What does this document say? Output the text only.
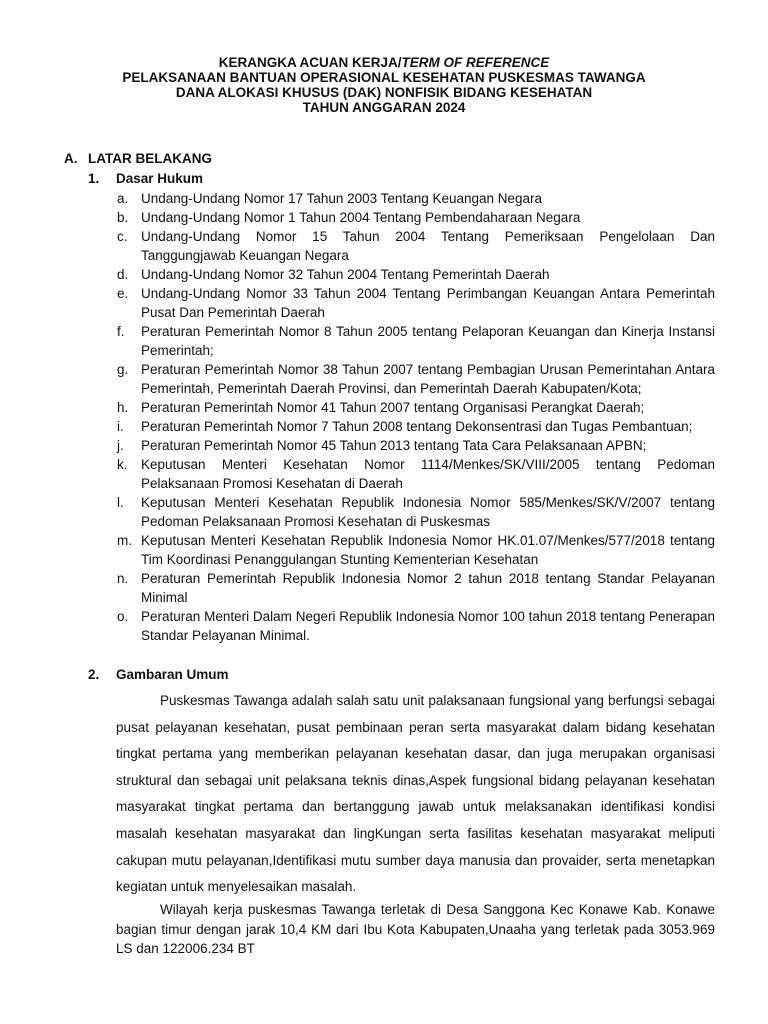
KERANGKA ACUAN KERJA/TERM OF REFERENCE
PELAKSANAAN BANTUAN OPERASIONAL KESEHATAN PUSKESMAS TAWANGA
DANA ALOKASI KHUSUS (DAK) NONFISIK BIDANG KESEHATAN
TAHUN ANGGARAN 2024
A. LATAR BELAKANG
1. Dasar Hukum
a. Undang-Undang Nomor 17 Tahun 2003 Tentang Keuangan Negara
b. Undang-Undang Nomor 1 Tahun 2004 Tentang Pembendaharaan Negara
c. Undang-Undang Nomor 15 Tahun 2004 Tentang Pemeriksaan Pengelolaan Dan Tanggungjawab Keuangan Negara
d. Undang-Undang Nomor 32 Tahun 2004 Tentang Pemerintah Daerah
e. Undang-Undang Nomor 33 Tahun 2004 Tentang Perimbangan Keuangan Antara Pemerintah Pusat Dan Pemerintah Daerah
f. Peraturan Pemerintah Nomor 8 Tahun 2005 tentang Pelaporan Keuangan dan Kinerja Instansi Pemerintah;
g. Peraturan Pemerintah Nomor 38 Tahun 2007 tentang Pembagian Urusan Pemerintahan Antara Pemerintah, Pemerintah Daerah Provinsi, dan Pemerintah Daerah Kabupaten/Kota;
h. Peraturan Pemerintah Nomor 41 Tahun 2007 tentang Organisasi Perangkat Daerah;
i. Peraturan Pemerintah Nomor 7 Tahun 2008 tentang Dekonsentrasi dan Tugas Pembantuan;
j. Peraturan Pemerintah Nomor 45 Tahun 2013 tentang Tata Cara Pelaksanaan APBN;
k. Keputusan Menteri Kesehatan Nomor 1114/Menkes/SK/VIII/2005 tentang Pedoman Pelaksanaan Promosi Kesehatan di Daerah
l. Keputusan Menteri Kesehatan Republik Indonesia Nomor 585/Menkes/SK/V/2007 tentang Pedoman Pelaksanaan Promosi Kesehatan di Puskesmas
m. Keputusan Menteri Kesehatan Republik Indonesia Nomor HK.01.07/Menkes/577/2018 tentang Tim Koordinasi Penanggulangan Stunting Kementerian Kesehatan
n. Peraturan Pemerintah Republik Indonesia Nomor 2 tahun 2018 tentang Standar Pelayanan Minimal
o. Peraturan Menteri Dalam Negeri Republik Indonesia Nomor 100 tahun 2018 tentang Penerapan Standar Pelayanan Minimal.
2. Gambaran Umum

Puskesmas Tawanga adalah salah satu unit palaksanaan fungsional yang berfungsi sebagai pusat pelayanan kesehatan, pusat pembinaan peran serta masyarakat dalam bidang kesehatan tingkat pertama yang memberikan pelayanan kesehatan dasar, dan juga merupakan organisasi struktural dan sebagai unit pelaksana teknis dinas,Aspek fungsional bidang pelayanan kesehatan masyarakat tingkat pertama dan bertanggung jawab untuk melaksanakan identifikasi kondisi masalah kesehatan masyarakat dan lingKungan serta fasilitas kesehatan masyarakat meliputi cakupan mutu pelayanan,Identifikasi mutu sumber daya manusia dan provaider, serta menetapkan kegiatan untuk menyelesaikan masalah.

Wilayah kerja puskesmas Tawanga terletak di Desa Sanggona Kec Konawe Kab. Konawe bagian timur dengan jarak 10,4 KM dari Ibu Kota Kabupaten,Unaaha yang terletak pada 3053.969 LS dan 122006.234 BT
